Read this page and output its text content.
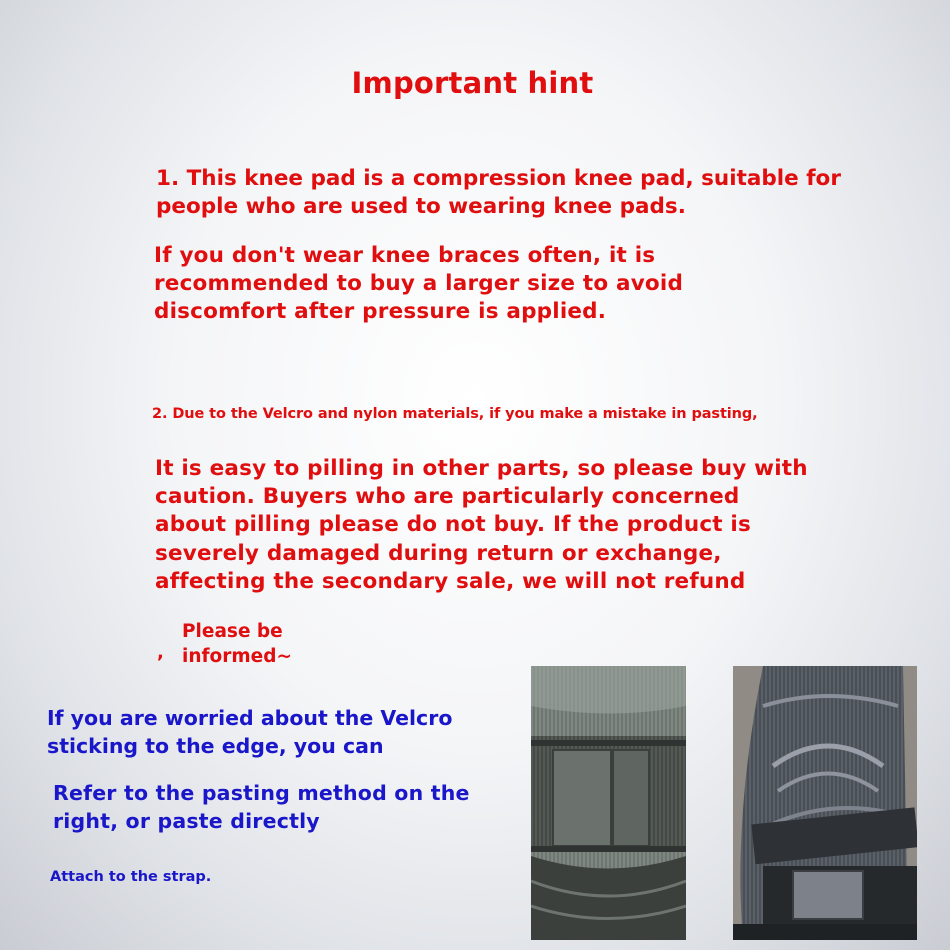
Important hint
1. This knee pad is a compression knee pad, suitable for people who are used to wearing knee pads.
If you don't wear knee braces often, it is recommended to buy a larger size to avoid discomfort after pressure is applied.
2. Due to the Velcro and nylon materials, if you make a mistake in pasting,
It is easy to pilling in other parts, so please buy with caution. Buyers who are particularly concerned about pilling please do not buy. If the product is severely damaged during return or exchange, affecting the secondary sale, we will not refund
,
Please be informed~
If you are worried about the Velcro sticking to the edge, you can
Refer to the pasting method on the right, or paste directly
Attach to the strap.
